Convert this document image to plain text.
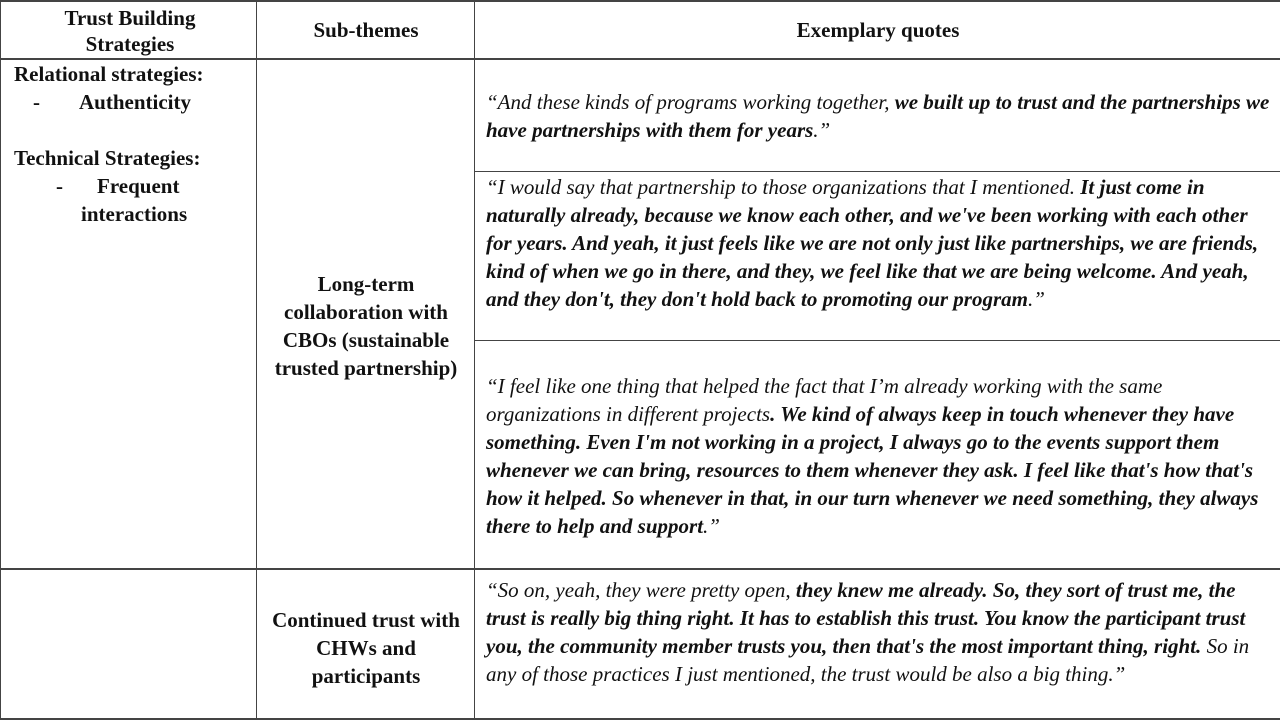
Trust Building Strategies
Sub-themes	Exemplary quotes
Relational strategies:
- Authenticity
Technical Strategies:
- Frequent
interactions
Long-term collaboration with CBOs (sustainable trusted partnership)
Continued trust with CHWs and participants
“And these kinds of programs working together, we built up to trust and the partnerships we have partnerships with them for years.”
“I would say that partnership to those organizations that I mentioned. It just come in naturally already, because we know each other, and we've been working with each other for years. And yeah, it just feels like we are not only just like partnerships, we are friends, kind of when we go in there, and they, we feel like that we are being welcome. And yeah, and they don't, they don't hold back to promoting our program.”
“I feel like one thing that helped the fact that I’m already working with the same organizations in different projects. We kind of always keep in touch whenever they have something. Even I'm not working in a project, I always go to the events support them whenever we can bring, resources to them whenever they ask. I feel like that's how that's how it helped. So whenever in that, in our turn whenever we need something, they always there to help and support.”
“So on, yeah, they were pretty open, they knew me already. So, they sort of trust me, the trust is really big thing right. It has to establish this trust. You know the participant trust you, the community member trusts you, then that's the most important thing, right. So in any of those practices I just mentioned, the trust would be also a big thing.”
